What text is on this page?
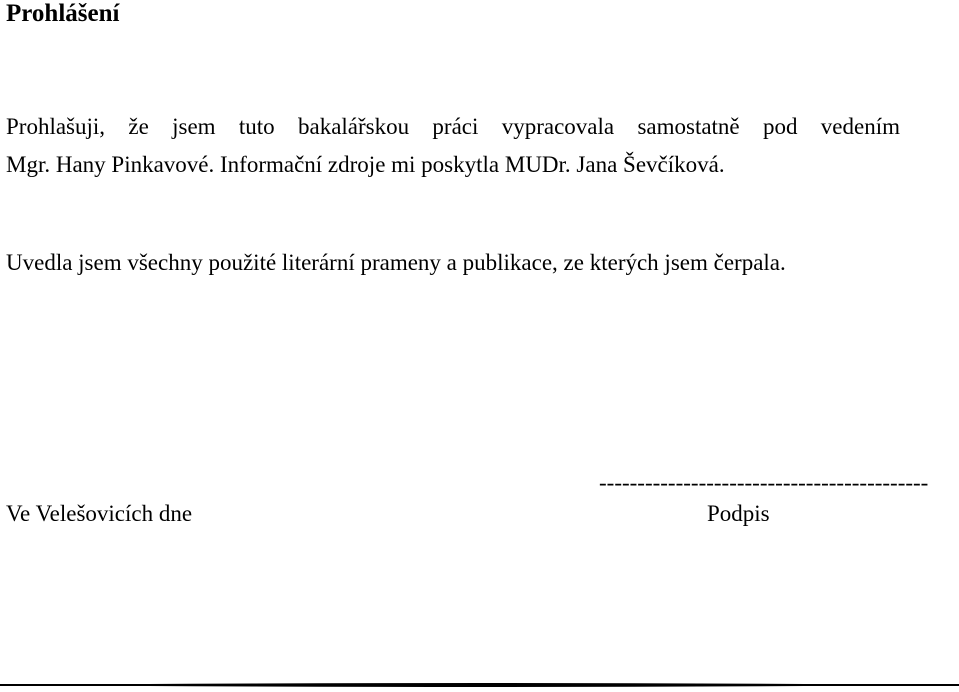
Prohlášení

Prohlašuji, že jsem tuto bakalářskou práci vypracovala samostatně pod vedením
Mgr. Hany Pinkavové. Informační zdroje mi poskytla MUDr. Jana Ševčíková.

Uvedla jsem všechny použité literární prameny a publikace, ze kterých jsem čerpala.

Ve Velešovicích dne

-------------------------------------------

Podpis
